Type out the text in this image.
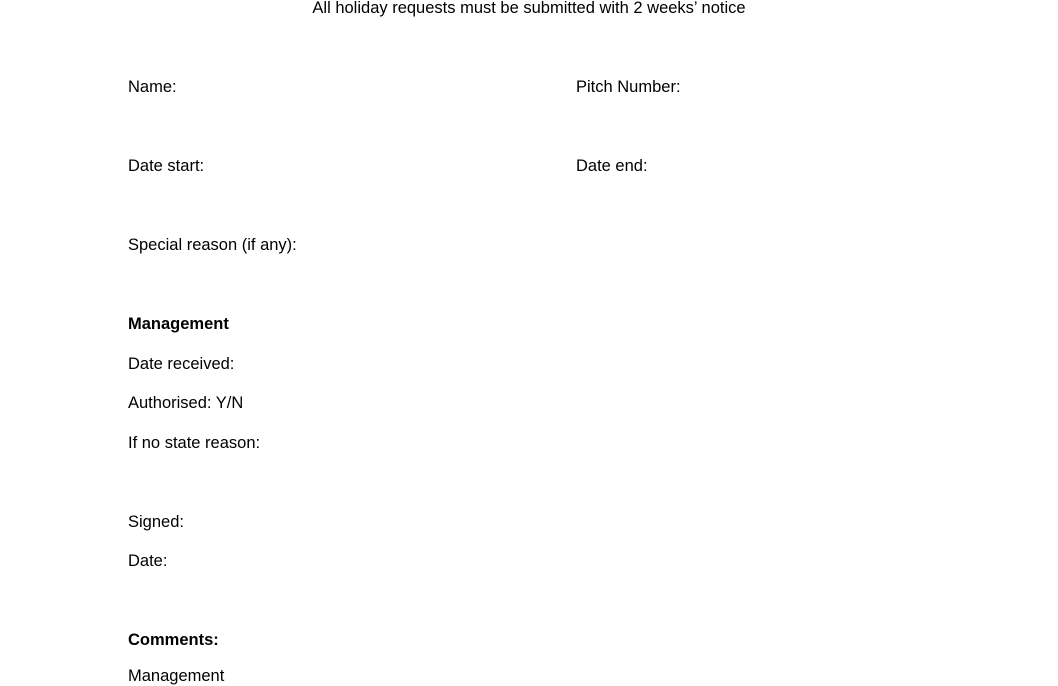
All holiday requests must be submitted with 2 weeks’ notice
Name:	Pitch Number:
Date start:	Date end:
Special reason (if any):
Management
Date received:
Authorised: Y/N
If no state reason:
Signed:
Date:
Comments:
Management
